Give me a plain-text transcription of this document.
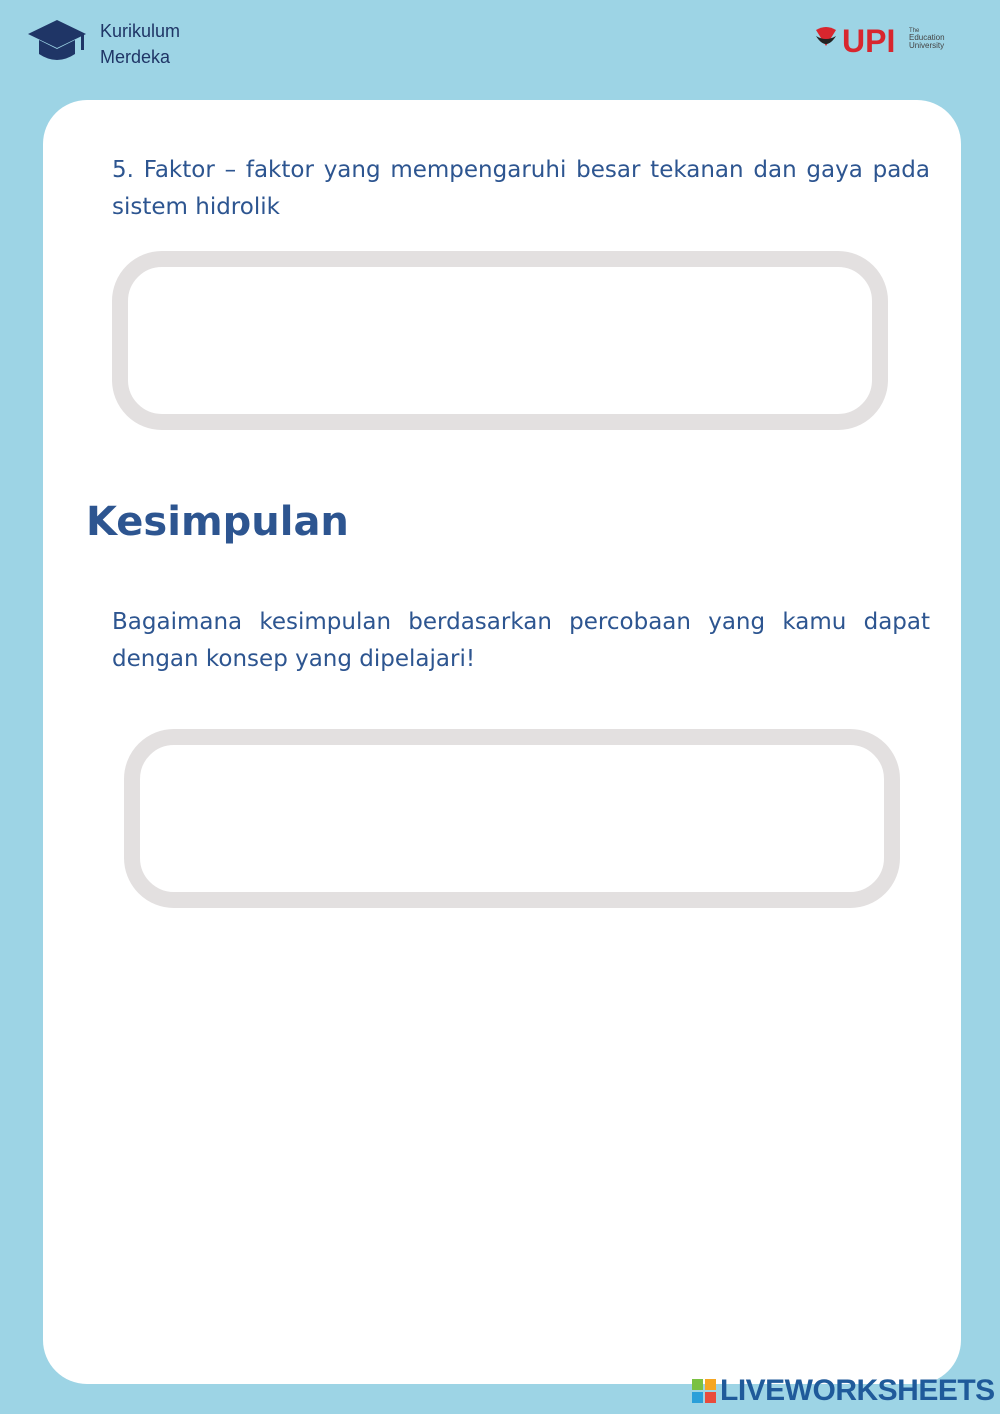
Kurikulum
Merdeka	UPI The
Education
University

5. Faktor – faktor yang mempengaruhi besar tekanan dan gaya pada sistem hidrolik

Kesimpulan

Bagaimana kesimpulan berdasarkan percobaan yang kamu dapat dengan konsep yang dipelajari!

LIVEWORKSHEETS
